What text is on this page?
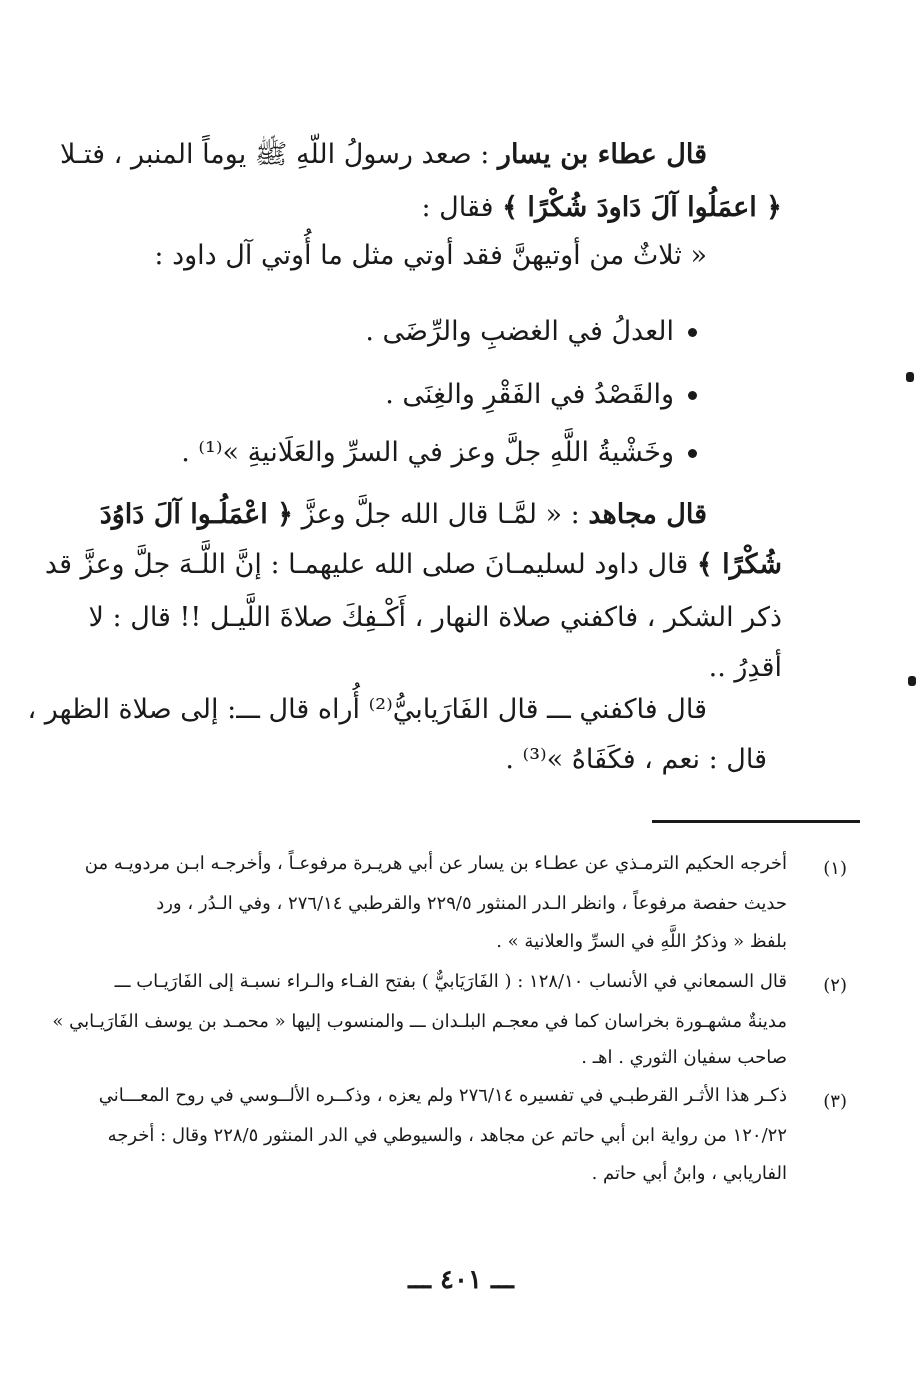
قال عطاء بن يسار : صعد رسولُ اللّهِ ﷺ يوماً المنبر ، فتـلا
﴿ اعمَلُوا آلَ دَاودَ شُكْرًا ﴾ فقال :
« ثلاثٌ من أوتيهنَّ فقد أوتي مثل ما أُوتي آل داود :
العدلُ في الغضبِ والرِّضَى .
والقَصْدُ في الفَقْرِ والغِنَى .
وخَشْيةُ اللَّهِ جلَّ وعز في السرِّ والعَلَانيةِ »⁽¹⁾ .
قال مجاهد : « لمَّـا قال الله جلَّ وعزَّ ﴿ اعْمَلُـوا آلَ دَاوُدَ
شُكْرًا ﴾ قال داود لسليمـانَ صلى الله عليهمـا : إنَّ اللَّـهَ جلَّ وعزَّ قد
ذكر الشكر ، فاكفني صلاة النهار ، أَكْـفِكَ صلاةَ اللَّيـل !! قال : لا
أقدِرُ ..
قال فاكفني ـــ قال الفَارَيابيُّ⁽²⁾ أُراه قال ـــ: إلى صلاة الظهر ،
قال : نعم ، فكَفَاهُ »⁽³⁾ .
(١)
أخرجه الحكيم الترمـذي عن عطـاء بن يسار عن أبي هريـرة مرفوعـاً ، وأخرجـه ابـن مردويـه من
حديث حفصة مرفوعاً ، وانظر الـدر المنثور ٢٢٩/٥ والقرطبي ٢٧٦/١٤ ، وفي الـدُر ، ورد
بلفظ « وذكرُ اللَّهِ في السرِّ والعلانية » .
(٢)
قال السمعاني في الأنساب ١٢٨/١٠ : ( الفَارَيَابيٌّ ) بفتح الفـاء والـراء نسبـة إلى الفَارَيـاب ـــ
مدينةٌ مشهـورة بخراسان كما في معجـم البلـدان ـــ والمنسوب إليها « محمـد بن يوسف الفَارَيـابي »
صاحب سفيان الثوري . اهـ .
(٣)
ذكـر هذا الأثـر القرطبـي في تفسيره ٢٧٦/١٤ ولم يعزه ، وذكــره الألــوسي في روح المعـــاني
١٢٠/٢٢ من رواية ابن أبي حاتم عن مجاهد ، والسيوطي في الدر المنثور ٢٢٨/٥ وقال : أخرجه
الفاريابي ، وابنُ أبي حاتم .
ـــ ٤٠١ ـــ
